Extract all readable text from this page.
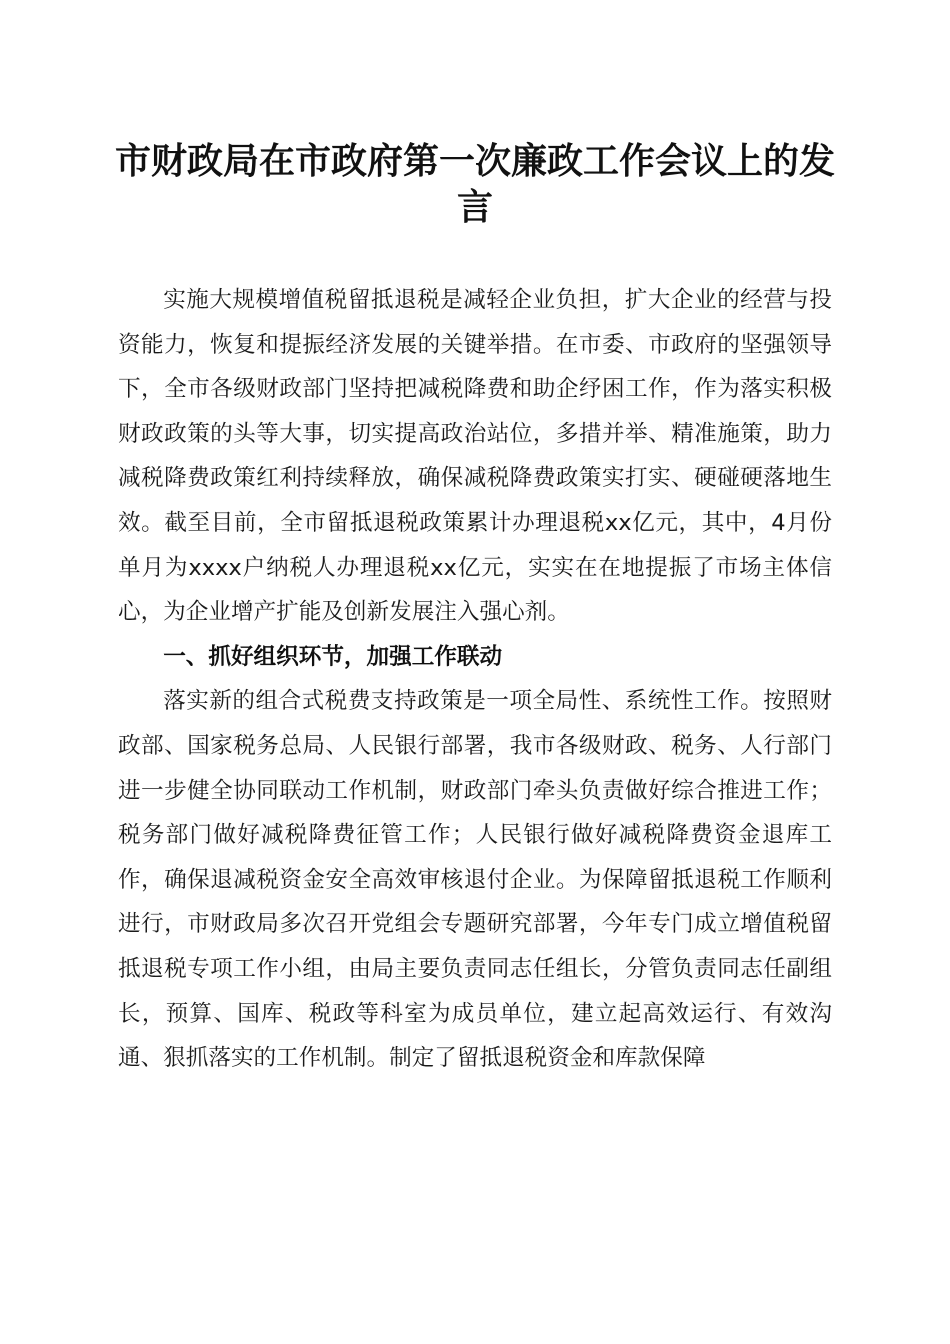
市财政局在市政府第一次廉政工作会议上的发言

实施大规模增值税留抵退税是减轻企业负担，扩大企业的经营与投资能力，恢复和提振经济发展的关键举措。在市委、市政府的坚强领导下，全市各级财政部门坚持把减税降费和助企纾困工作，作为落实积极财政政策的头等大事，切实提高政治站位，多措并举、精准施策，助力减税降费政策红利持续释放，确保减税降费政策实打实、硬碰硬落地生效。截至目前，全市留抵退税政策累计办理退税xx亿元，其中，4月份单月为xxxx户纳税人办理退税xx亿元，实实在在地提振了市场主体信心，为企业增产扩能及创新发展注入强心剂。

一、抓好组织环节，加强工作联动

落实新的组合式税费支持政策是一项全局性、系统性工作。按照财政部、国家税务总局、人民银行部署，我市各级财政、税务、人行部门进一步健全协同联动工作机制，财政部门牵头负责做好综合推进工作；税务部门做好减税降费征管工作；人民银行做好减税降费资金退库工作，确保退减税资金安全高效审核退付企业。为保障留抵退税工作顺利进行，市财政局多次召开党组会专题研究部署，今年专门成立增值税留抵退税专项工作小组，由局主要负责同志任组长，分管负责同志任副组长，预算、国库、税政等科室为成员单位，建立起高效运行、有效沟通、狠抓落实的工作机制。制定了留抵退税资金和库款保障
